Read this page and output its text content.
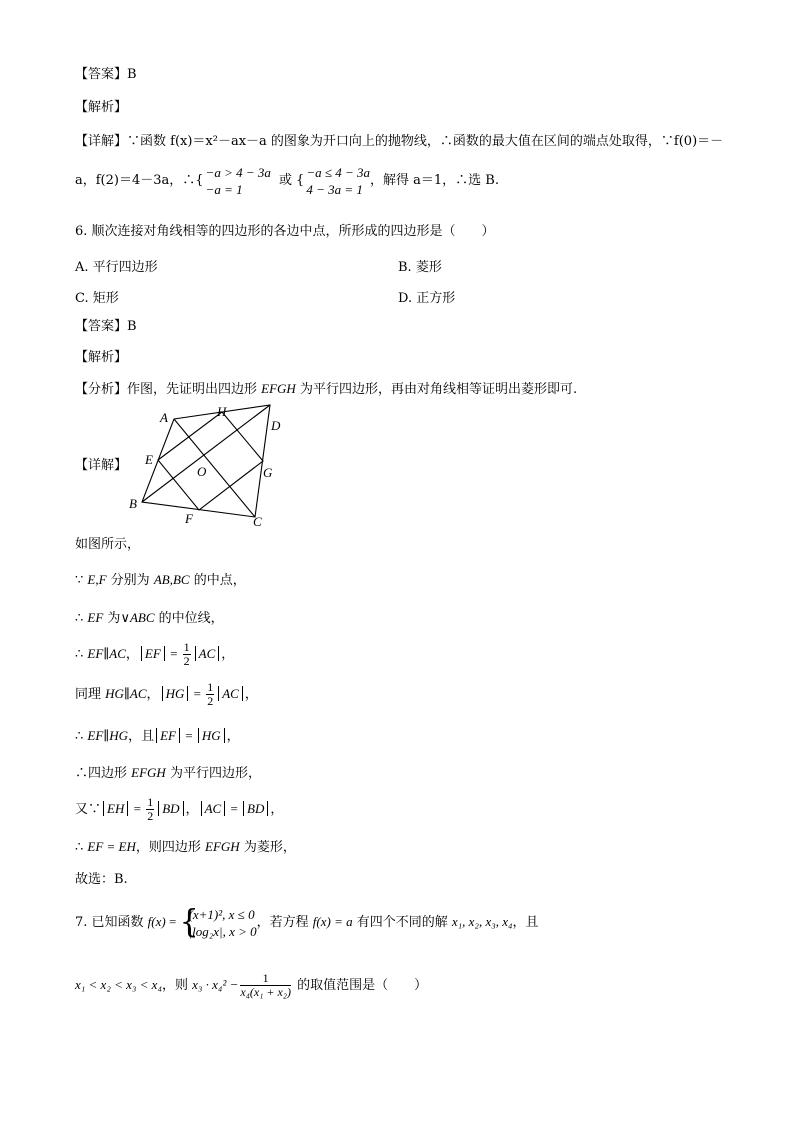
【答案】B
【解析】
【详解】∵函数 f(x)＝x²－ax－a 的图象为开口向上的抛物线，∴函数的最大值在区间的端点处取得，∵f(0)＝－
a，f(2)＝4－3a，∴{
−a > 4 − 3a
−a = 1
或 {
−a ≤ 4 − 3a
4 − 3a = 1
，解得 a＝1，∴选 B.
6. 顺次连接对角线相等的四边形的各边中点，所形成的四边形是（　　）
A. 平行四边形	B. 菱形
C. 矩形	D. 正方形
【答案】B
【解析】
【分析】作图，先证明出四边形 EFGH 为平行四边形，再由对角线相等证明出菱形即可.
【详解】
A	H
D
E
O	G
B
F	C
如图所示，
∵ E,F 分别为 AB,BC 的中点，
∴ EF 为∨ABC 的中位线，
∴ EF∥AC， EF = $\frac{1}{2}$ AC ，
同理 HG∥AC， HG = $\frac{1}{2}$ AC ，
∴ EF∥HG，且 EF = HG ，
∴四边形 EFGH 为平行四边形，
又∵ EH = $\frac{1}{2}$ BD ， AC = BD ，
∴ EF = EH，则四边形 EFGH 为菱形，
故选：B.
7. 已知函数 f(x) = {
(x+1)², x ≤ 0
|log₂x|, x > 0
，若方程 f(x) = a 有四个不同的解 x₁, x₂, x₃, x₄，且
x₁ < x₂ < x₃ < x₄，则 $x_3 \cdot x_4^2 - \frac{1}{\text{x₄(x₁ + x₂)}}$ 的取值范围是（　　）
